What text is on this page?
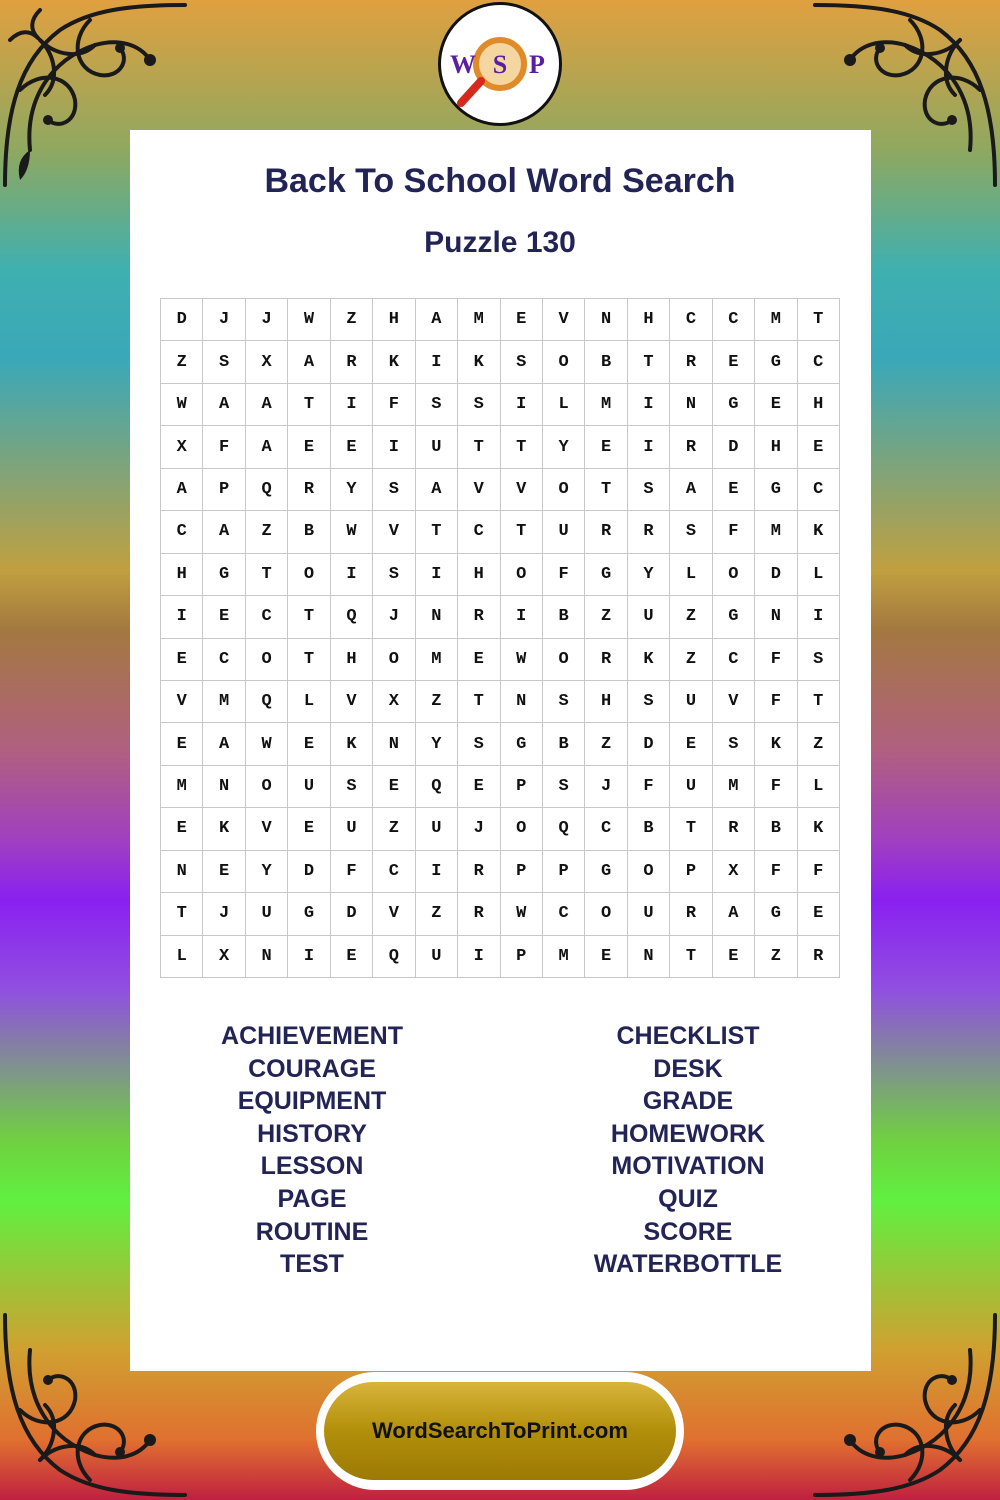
W S P
Back To School Word Search
Puzzle 130
D	J	J	W	Z	H	A	M	E	V	N	H	C	C	M	T
Z	S	X	A	R	K	I	K	S	O	B	T	R	E	G	C
W	A	A	T	I	F	S	S	I	L	M	I	N	G	E	H
X	F	A	E	E	I	U	T	T	Y	E	I	R	D	H	E
A	P	Q	R	Y	S	A	V	V	O	T	S	A	E	G	C
C	A	Z	B	W	V	T	C	T	U	R	R	S	F	M	K
H	G	T	O	I	S	I	H	O	F	G	Y	L	O	D	L
I	E	C	T	Q	J	N	R	I	B	Z	U	Z	G	N	I
E	C	O	T	H	O	M	E	W	O	R	K	Z	C	F	S
V	M	Q	L	V	X	Z	T	N	S	H	S	U	V	F	T
E	A	W	E	K	N	Y	S	G	B	Z	D	E	S	K	Z
M	N	O	U	S	E	Q	E	P	S	J	F	U	M	F	L
E	K	V	E	U	Z	U	J	O	Q	C	B	T	R	B	K
N	E	Y	D	F	C	I	R	P	P	G	O	P	X	F	F
T	J	U	G	D	V	Z	R	W	C	O	U	R	A	G	E
L	X	N	I	E	Q	U	I	P	M	E	N	T	E	Z	R
ACHIEVEMENT
COURAGE
EQUIPMENT
HISTORY
LESSON
PAGE
ROUTINE
TEST
CHECKLIST
DESK
GRADE
HOMEWORK
MOTIVATION
QUIZ
SCORE
WATERBOTTLE
WordSearchToPrint.com
